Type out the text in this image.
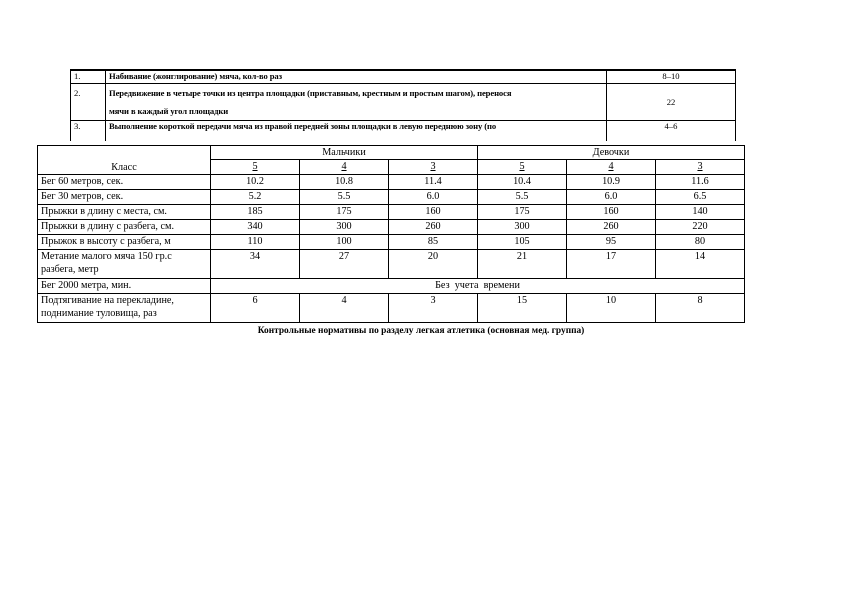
1.	Набивание (жонглирование) мяча, кол-во раз	8–10
2.	Передвижение в четыре точки из центра площадки (приставным, крестным и простым шагом), перенося
мячи в каждый угол площадки	22
3.	Выполнение короткой передачи мяча из правой передней зоны площадки в левую переднюю зону (по	4–6
	Мальчики			Девочки		
Класс	5	4	3	5	4	3
Бег 60 метров, сек.	10.2	10.8	11.4	10.4	10.9	11.6
Бег 30 метров, сек.	5.2	5.5	6.0	5.5	6.0	6.5
Прыжки в длину с места, см.	185	175	160	175	160	140
Прыжки в длину с разбега, см.	340	300	260	300	260	220
Прыжок в высоту с разбега, м	110	100	85	105	95	80

Метание малого мяча 150 гр.с
разбега, метр	34	27	20	21	17	14
Бег 2000 метра, мин.	Без  учета  времени					

Подтягивание на перекладине,
поднимание туловища, раз	6	4	3	15	10	8
Контрольные нормативы по разделу легкая атлетика (основная мед. группа)
